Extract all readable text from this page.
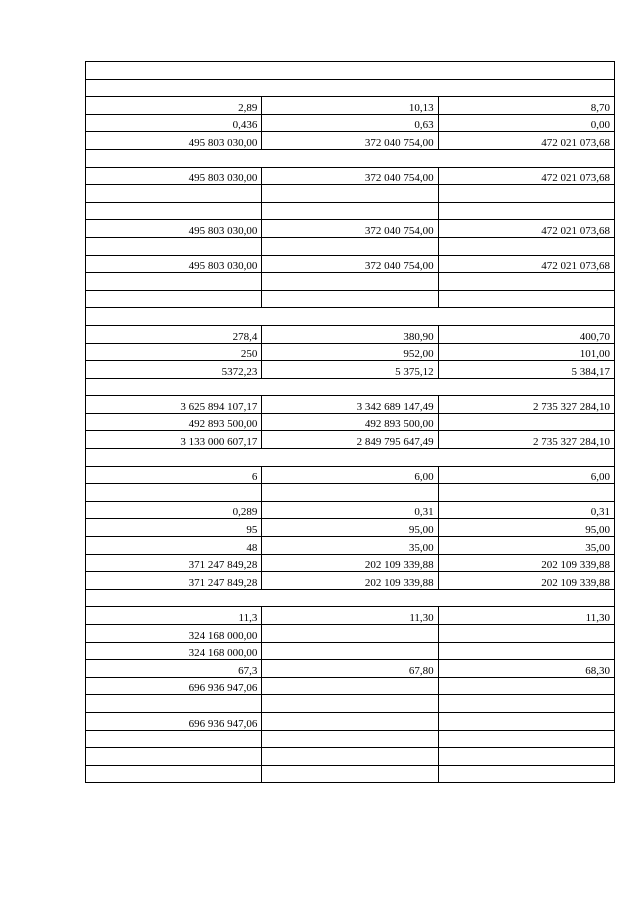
2,89	10,13	8,70
0,436	0,63	0,00
495 803 030,00	372 040 754,00	472 021 073,68

495 803 030,00	372 040 754,00	472 021 073,68

495 803 030,00	372 040 754,00	472 021 073,68

495 803 030,00	372 040 754,00	472 021 073,68

278,4	380,90	400,70
250	952,00	101,00
5372,23	5 375,12	5 384,17

3 625 894 107,17	3 342 689 147,49	2 735 327 284,10
492 893 500,00	492 893 500,00	
3 133 000 607,17	2 849 795 647,49	2 735 327 284,10

6	6,00	6,00

0,289	0,31	0,31
95	95,00	95,00
48	35,00	35,00
371 247 849,28	202 109 339,88	202 109 339,88
371 247 849,28	202 109 339,88	202 109 339,88

11,3	11,30	11,30
324 168 000,00		
324 168 000,00		
67,3	67,80	68,30
696 936 947,06		

696 936 947,06		
